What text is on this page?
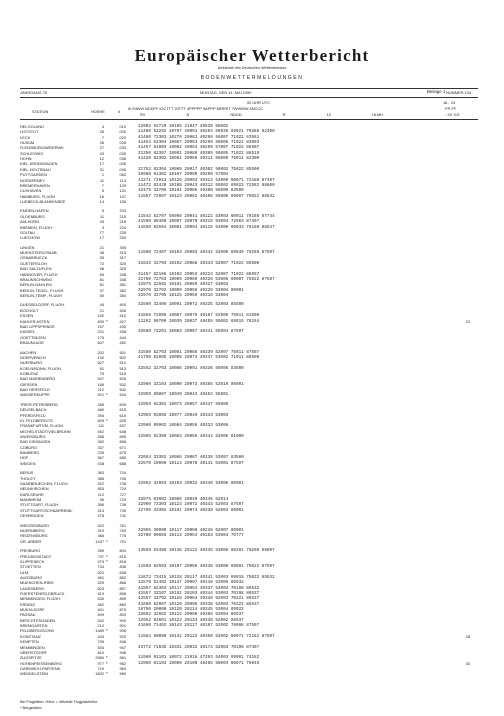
Europäischer Wetterbericht
Amtsblatt des Deutschen Wetterdienstes
BODENWETTERMELDUNGEN
Beilage 1
JAHRGANG 75	MONTAG, DEN 14. MAI 1990	NUMMER 134
00 UHR UTC	18 - 24
STATION	HOEHE	II
III IIIIWW NDDFF IOCTTT 2IITTT 4PPPPP 5APPP 6RRRIT 7WWWW 8NCCC
RX N NDDD R 12 HLMH
PP-FF
- XX GG
HELGOLAND	4	015	22902 02720 10105 21047 40539 56002
LIST/SYLT	26	020	11460 52202 10767 20091 40294 56036 69921 70288 82300
LECK	7	022	41460 72303 10270 20081 40299 56007 71022 83561
HUSUM	28	026	41454 62304 10087 20063 40299 56006 71022 83003
FLENSBURG/WEIERWK	27	033	41457 81903 10062 20064 40299 57007 71022 88507
SCHLESWIG	43	035	31350 82307 10091 20080 40305 59005 71022 88519
HOHN	12	038	41420 82302 10081 20060 40311 56000 75011 82300
KIEL-KRONSHAGEN	17	045
KIEL-HOLTENAU	31	046	21752 82304 10080 20017 40302 56002 75022 85500
PUTTGARDEN	1	063	36960 91302 10107 20099 40290 57004
NORDERNEY	11	113	11271 72913 10126 20093 40314 53009 60071 72188 87497
BREMERHAVEN	7	129	11472 62420 10106 20043 40312 55002 69922 72582 86800
CUXHAVEN	5	131	32475 32705 10101 20086 40308 56000 83500
HAMBURG, FLUGH	16	147	11557 72607 10123 20082 40106 55000 69907 76022 86532
LUEBECK-BLANKENSEE	14	156
EMDEN-HAFEN	5	203
OLDENBURG	11	215	11543 82707 56098 20041 40122 53003 60011 76166 87744
AHLHORN	49	218	41550 80409 10097 20070 40316 53004 72063 87497
BREMEN, FLUGH	3	224	11650 82504 10081 20094 40115 54000 60033 76160 88547
SOLTAU	77	235
LUECHOW	17	253
LINGEN	21	305
MUENSTER/OSNAB.	48	315	11560 72407 10104 20093 40342 52009 69949 70288 87597
OSNABRUECK	95	317
GUETERSLOH	72	320	31643 32703 10102 20088 40343 52007 71022 85500
BAD SALZUFLEN	98	325
HANNOVER, FLUGH	55	338	31457 82106 10102 20053 40323 52007 71022 88597
BRAUNSCHWEIG	81	348	31760 72703 10099 20060 40326 53005 69907 75022 87597
BERLIN-DAHLEM	51	381	32975 22502 10161 20069 40327 53003
BERLIN-TEGEL, FLUGH	37	382	32970 32702 10099 20056 40326 53004 80001
BERLIN-TEMP., FLUGH	50	384	32970 32705 10125 20069 40316 53004
DUESSELDORF, FLUGH.	45	400	32660 32406 10091 20072 40335 52003 85500
BOCHOLT	21	406
ESSEN	152	410	31656 72605 10087 20076 40187 52006 75011 81500
KAHLER ASTEN	839	427	11262 90709 10039 20037 48455 55002 69915 76164
*	23
BAD LIPPSPRINGE	157	430
KASSEL	231	438	32660 72201 10083 20067 40341 55004 87597
GOETTINGEN	175	444
BRAUNLAGE	607	452
AACHEN	202	501	31550 82703 10081 20086 40339 52007 75011 87597
NOERVENICH	130	502	41750 62805 10095 20074 40347 53002 71011 86500
NUERBURG	627	510
KOELN/BONN, FLUGH.	91	513	32562 32703 10086 20091 40336 55005 83500
KOBLENZ	75	515
BAD MARIENBERG	547	526
GIESSEN	186	532	32960 32103 10090 20073 40366 52010 80001
BAD HERSFELD	212	542
WASSERKUPPE	921	544	32959 80807 10049 20043 48462 55001
*
TRIER-PETRISBERG	265	609	32959 82302 10073 20057 40347 55006
DEUSELBACH	480	615
PFERDSFELD	394	616	42959 02005 10077 20049 40343 53003
KL.FELDBERG/TS	805	635
*
FRANKFURT/M, FLUGH.	111	637	32960 09902 10084 20056 40333 53006
MICHELSTADT/VIELBRUNN	452	648
WUERZBURG	268	655	32965 52308 10083 20056 40344 52006 81000
BAD KISSINGEN	282	658
COBURG	337	671
BAMBERG	239	675
HOF	567	685	32664 33302 10066 20067 40138 53007 83500
WEIDEN	438	688	32570 10000 10114 20070 40141 53001 87597
BERUS	363	704
THOLEY	386	706
SAARBRUECKEN, FLUGH.	322	708	32962 32903 10103 20032 40340 53006 80001
NEUNKIRCHEN	553	724
KARLSRUHE	112	727
MANNHEIM	96	729	32975 03602 10086 20049 40345 52014
STUTTGART, FLUGH.	396	738	32960 73303 10123 20072 40343 52003 87597
STUTTGART/SCHNARRENB.	314	739	32760 33302 10101 20074 40338 52003 80001
OEHRINGEN	278	742
WEISSENBURG	422	761
NUERNBERG	319	763	32965 30000 10117 20080 40246 52007 80001
REGENSBURG	366	776	32760 90603 10113 20054 40153 53004 76777
GR. ARBER	1437	791
*
FREIBURG	269	803	13559 83408 10136 20122 40336 53005 60281 70298 86097
FREUDENSTADT	797	815
*
KLIPPENECK	973	818
*
STOETTEN	734	836	11568 82503 10107 20066 40338 53006 69901 76022 87597
ULM	522	838
AUGSBURG	461	852	11672 73415 10128 20117 40341 52003 69915 75022 85532
MUENCHEN-RIEM	529	866	11570 51402 10137 20097 40148 53005 86532
LANDSBERG	623	857	41557 82303 10117 20054 40337 53003 70198 86532
FUERSTENFELDBRUCK	519	858	41557 33107 10151 20103 40344 53003 70198 86537
MEMMINGEN, FLUGH.	630	859	42557 33702 10128 20084 40348 52003 70221 86537
ERDING	462	869	41660 82607 10120 20098 40338 52003 70221 86537
MUEHLDORF	401	875	16750 20000 10120 20114 40345 53004 69922
PASSAU	409	893	32662 32602 10122 20090 40365 53004 86537
BERCHTESGADEN	542	900	32952 02601 10122 20133 40336 52002 86537
BREMGARTEN	212	901	41660 71402 10143 20127 40107 52002 76098 87597
FELDBERG/SCHW	1489	906
*
KONSTANZ	443	929	11564 80000 10132 20123 40350 52002 60071 72182 87597	28
KEMPTEN	705	946
MEMMINGEN	634	947	43772 71935 10331 20032 40174 52003 70198 87497
OBERSTDORF	810	948
ZUGSPITZE	2960	961	11960 91101 10072 21016 47203 54003 69901 74182
*
HOHENPEISSENBERG	977	962	12960 01103 10090 20100 48485 50004 60071 76046
*	30
GARMISCH-PARTENK.	719	963
WENDELSTEIN	1832	980
*
Bei Flughäfen: Höhe = offizielle Flugplatzhöhe
* Bergstation
